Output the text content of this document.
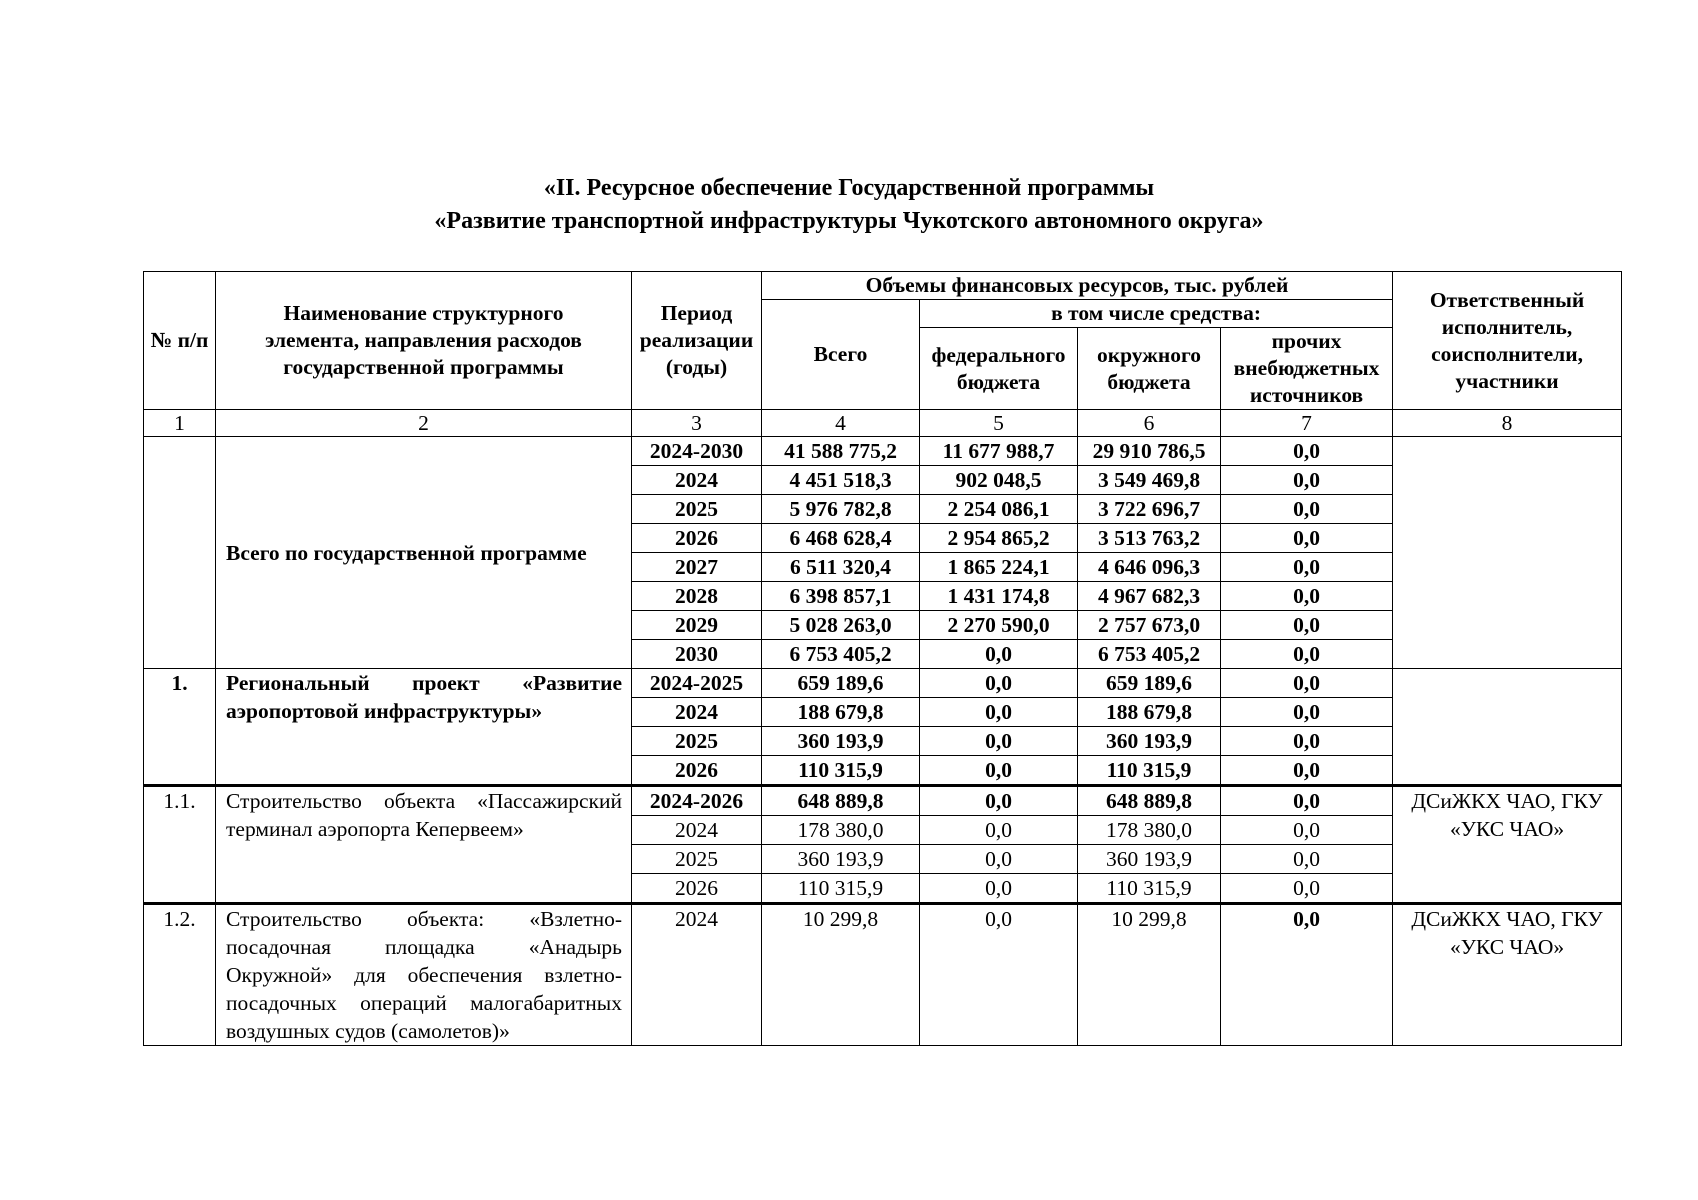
«II. Ресурсное обеспечение Государственной программы
«Развитие транспортной инфраструктуры Чукотского автономного округа»
№ п/п	Наименование структурного элемента, направления расходов государственной программы	Период реализации (годы)	Объемы финансовых ресурсов, тыс. рублей				Ответственный исполнитель, соисполнители, участники
			Всего	в том числе средства:			
				федерального бюджета	окружного бюджета	прочих внебюджетных источников	
1	2	3	4	5	6	7	8
	Всего по государственной программе	2024-2030	41 588 775,2	11 677 988,7	29 910 786,5	0,0	
		2024	4 451 518,3	902 048,5	3 549 469,8	0,0	
		2025	5 976 782,8	2 254 086,1	3 722 696,7	0,0	
		2026	6 468 628,4	2 954 865,2	3 513 763,2	0,0	
		2027	6 511 320,4	1 865 224,1	4 646 096,3	0,0	
		2028	6 398 857,1	1 431 174,8	4 967 682,3	0,0	
		2029	5 028 263,0	2 270 590,0	2 757 673,0	0,0	
		2030	6 753 405,2	0,0	6 753 405,2	0,0	
1.	Региональный проект «Развитие аэропортовой инфраструктуры»	2024-2025	659 189,6	0,0	659 189,6	0,0	
		2024	188 679,8	0,0	188 679,8	0,0	
		2025	360 193,9	0,0	360 193,9	0,0	
		2026	110 315,9	0,0	110 315,9	0,0	
1.1.	Строительство объекта «Пассажирский терминал аэропорта Кепервеем»	2024-2026	648 889,8	0,0	648 889,8	0,0	ДСиЖКХ ЧАО, ГКУ «УКС ЧАО»
		2024	178 380,0	0,0	178 380,0	0,0	
		2025	360 193,9	0,0	360 193,9	0,0	
		2026	110 315,9	0,0	110 315,9	0,0	
1.2.	Строительство объекта: «Взлетно-посадочная площадка «Анадырь Окружной» для обеспечения взлетно-посадочных операций малогабаритных воздушных судов (самолетов)»	2024	10 299,8	0,0	10 299,8	0,0	ДСиЖКХ ЧАО, ГКУ «УКС ЧАО»
